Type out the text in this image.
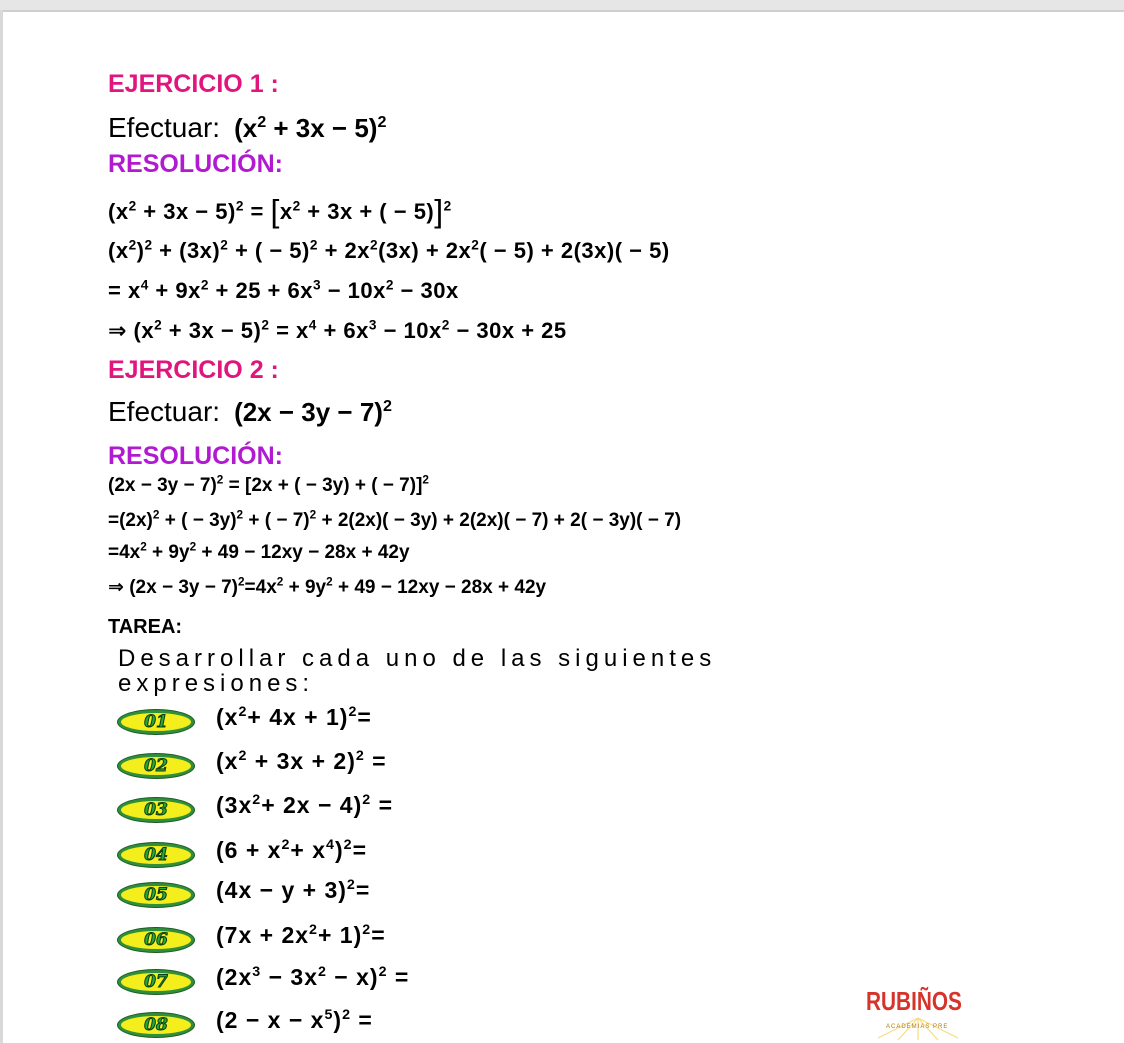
EJERCICIO 1 :
Efectuar: $(x^2 + 3x - 5)^2$
RESOLUCIÓN:
$(x^2 + 3x - 5)^2 = [x^2 + 3x$ + ( − 5)]$^2$
$(x^2)^2 + (3x)^2$ + ( − $5)^2 + 2x^2(3x) + 2x^2( - 5) + 2(3x)( - 5)$
= $x^4 + 9x^2 + 25 + 6x^3 - 10x^2 - 30x$
⇒ $(x^2 + 3x - 5)^2 = x^4 + 6x^3 - 10x^2 - 30x + 25$
EJERCICIO 2 :
Efectuar: $(2x - 3y - 7)^2$
RESOLUCIÓN:
$(2x - 3y - 7)^2 = [2x$ + ( − 3y) + ( − 7)]$^2$
$=(2x)^2$ + ( − 3y)$^2$ + ( − 7)$^2$ + 2(2x)( − 3y) + 2(2x)( − 7) + 2( − 3y)( − 7)
$=4x^2 + 9y^2 + 49 - 12xy - 28x + 42y$
⇒ $(2x - 3y - 7)^2=4x^2 + 9y^2 + 49 - 12xy - 28x + 42y$
TAREA:
Desarrollar cada uno de las siguientes
expresiones:
01	$(x^2+ 4x + 1)^2=$
02	$(x^2 + 3x + 2)^2$ =
03	$(3x^2+ 2x - 4)^2$ =
04	$(6 + x^2+ x^4)^2=$
05	$(4x - y + 3)^2=$
06	$(7x + 2x^2+ 1)^2=$
07	$(2x^3 - 3x^2 - x)^2$ =
08	$(2 - x - x^5)^2$ =
RUBIÑOS
ACADEMIAS PRE
